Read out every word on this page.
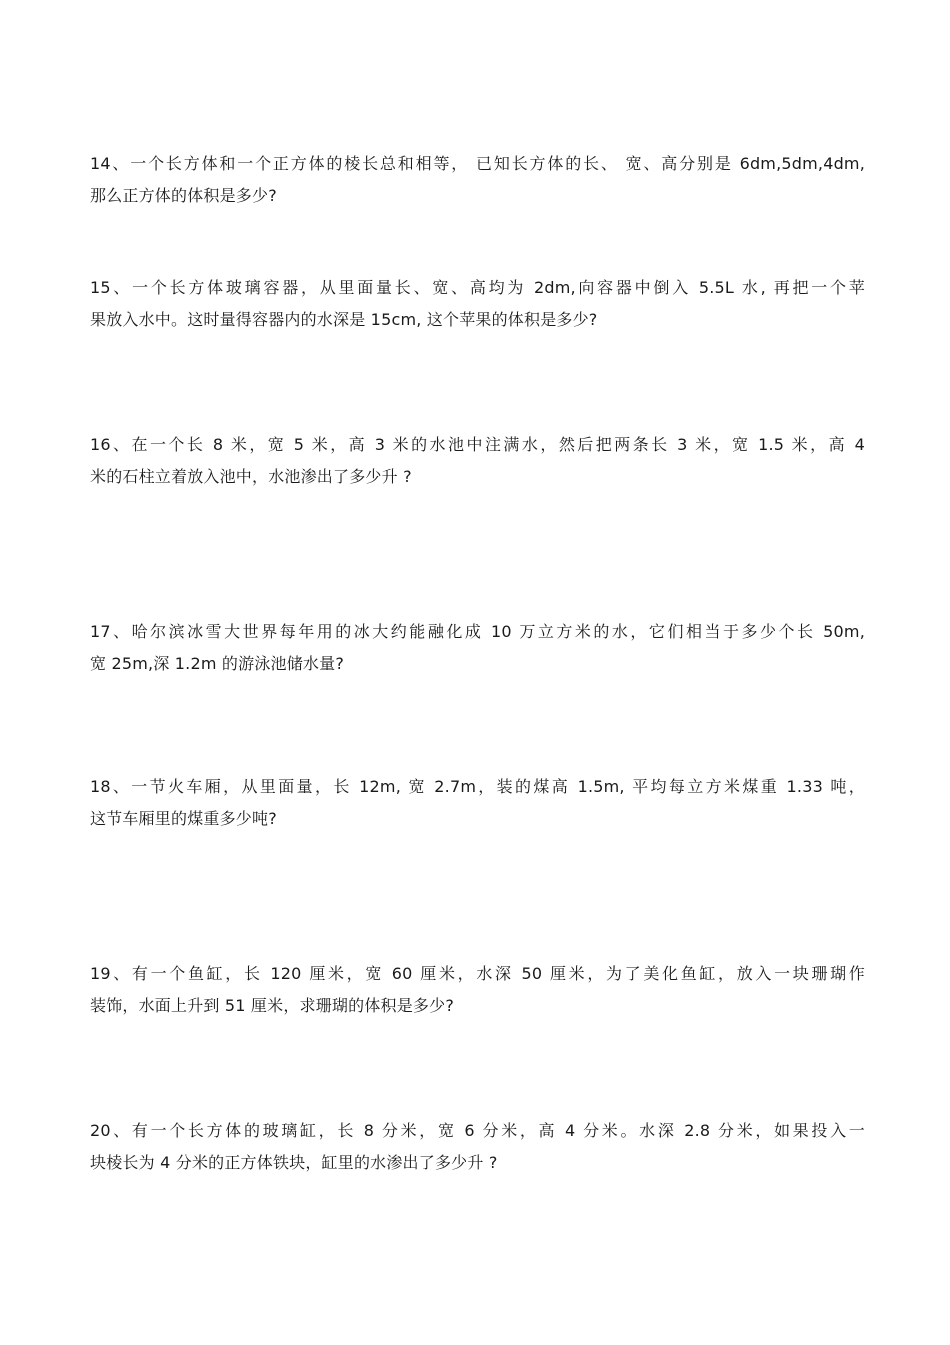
14、一个长方体和一个正方体的棱长总和相等， 已知长方体的长、 宽、高分别是 6dm,5dm,4dm,
那么正方体的体积是多少?
15、一个长方体玻璃容器，从里面量长、宽、高均为 2dm,向容器中倒入 5.5L 水, 再把一个苹
果放入水中。这时量得容器内的水深是 15cm, 这个苹果的体积是多少?
16、在一个长 8 米，宽 5 米，高 3 米的水池中注满水，然后把两条长 3 米，宽 1.5 米，高 4
米的石柱立着放入池中，水池渗出了多少升 ?
17、哈尔滨冰雪大世界每年用的冰大约能融化成 10 万立方米的水，它们相当于多少个长 50m,
宽 25m,深 1.2m 的游泳池储水量?
18、一节火车厢，从里面量，长 12m, 宽 2.7m，装的煤高 1.5m, 平均每立方米煤重 1.33 吨，
这节车厢里的煤重多少吨?
19、有一个鱼缸，长 120 厘米，宽 60 厘米，水深 50 厘米，为了美化鱼缸，放入一块珊瑚作
装饰，水面上升到 51 厘米，求珊瑚的体积是多少?
20、有一个长方体的玻璃缸，长 8 分米，宽 6 分米，高 4 分米。水深 2.8 分米，如果投入一
块棱长为 4 分米的正方体铁块，缸里的水渗出了多少升 ?
